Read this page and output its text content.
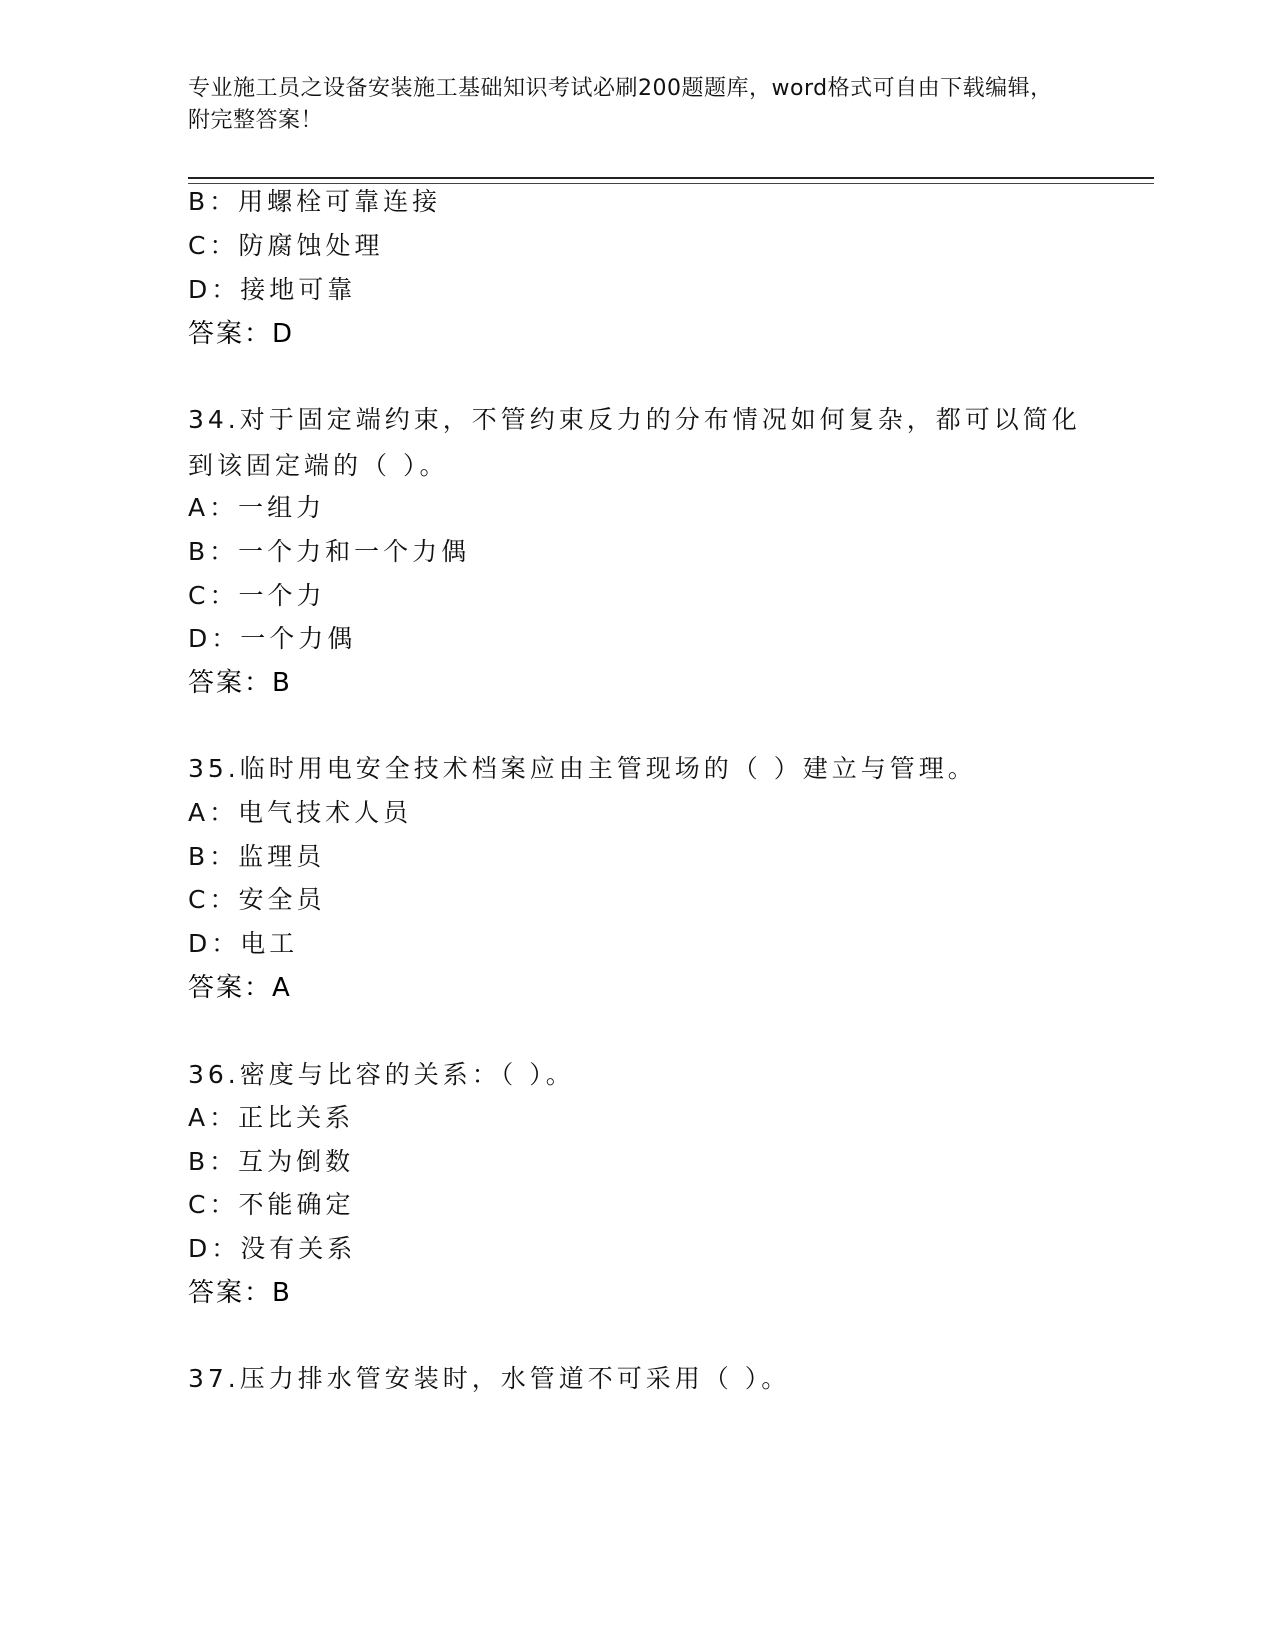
专业施工员之设备安装施工基础知识考试必刷200题题库，word格式可自由下载编辑，附完整答案！
B：用螺栓可靠连接
C：防腐蚀处理
D：接地可靠
答案：D
34.对于固定端约束，不管约束反力的分布情况如何复杂，都可以简化到该固定端的（ ）。
A：一组力
B：一个力和一个力偶
C：一个力
D：一个力偶
答案：B
35.临时用电安全技术档案应由主管现场的（ ）建立与管理。
A：电气技术人员
B：监理员
C：安全员
D：电工
答案：A
36.密度与比容的关系：（ ）。
A：正比关系
B：互为倒数
C：不能确定
D：没有关系
答案：B
37.压力排水管安装时，水管道不可采用（ ）。
